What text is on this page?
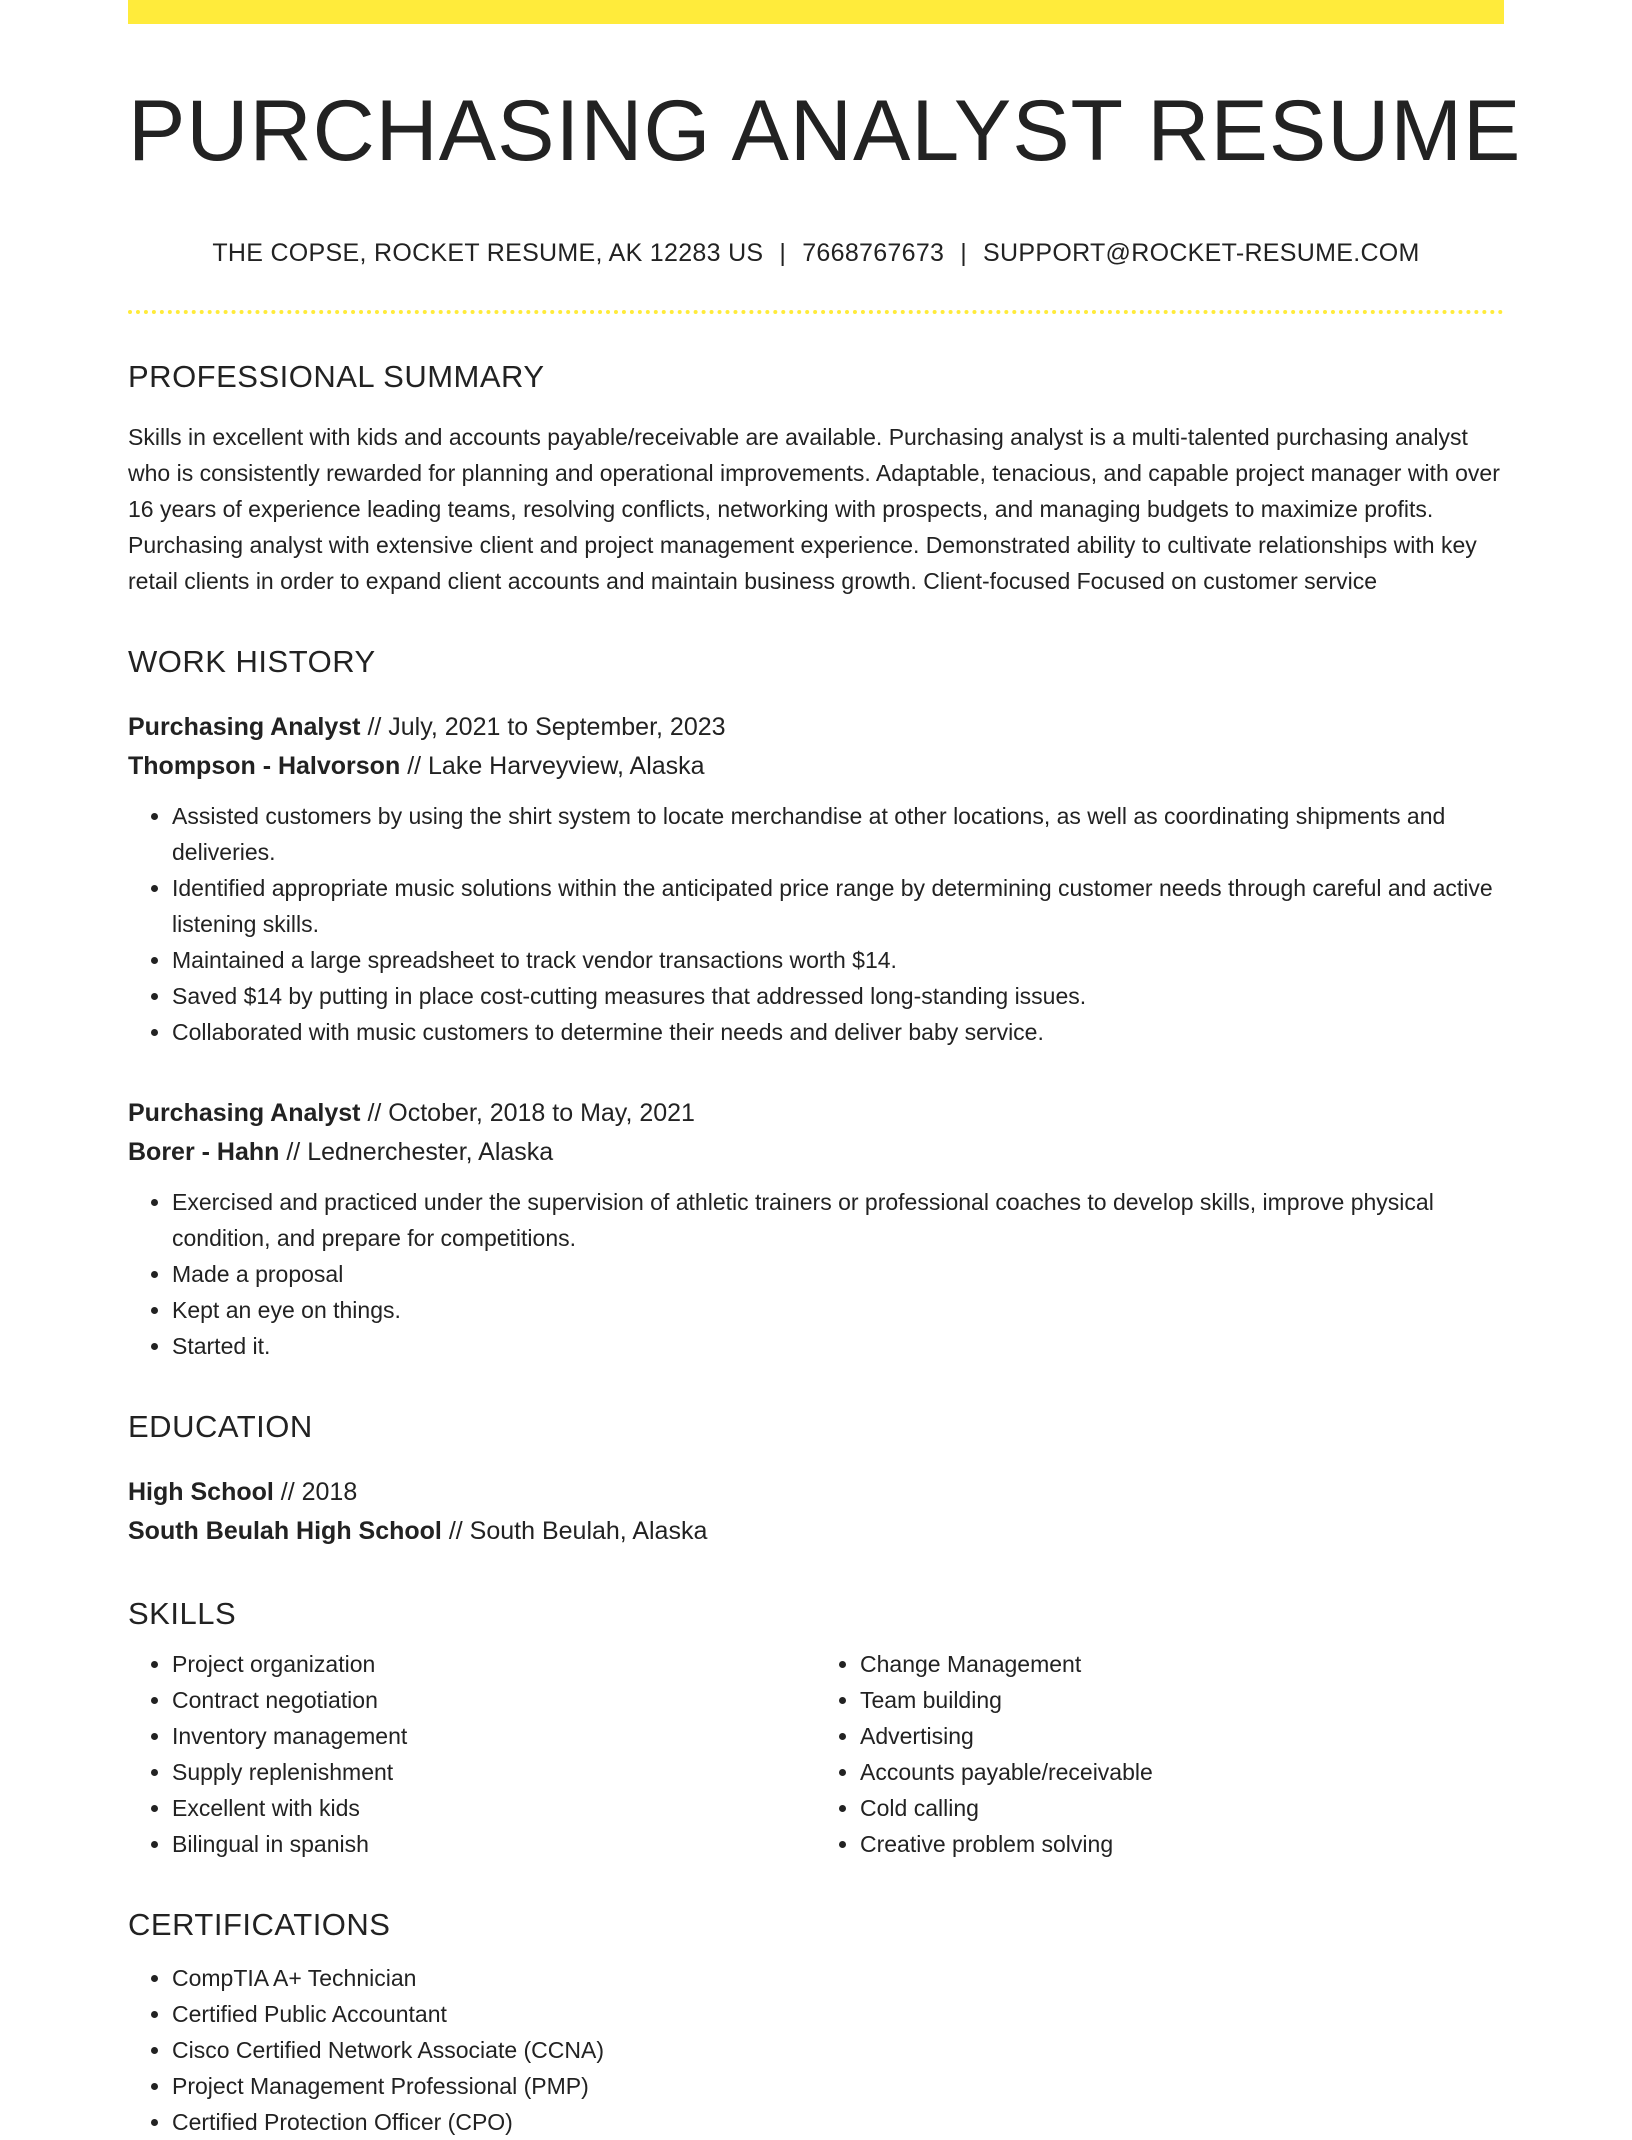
PURCHASING ANALYST RESUME
THE COPSE, ROCKET RESUME, AK 12283 US | 7668767673 | SUPPORT@ROCKET-RESUME.COM
PROFESSIONAL SUMMARY
Skills in excellent with kids and accounts payable/receivable are available. Purchasing analyst is a multi-talented purchasing analyst who is consistently rewarded for planning and operational improvements. Adaptable, tenacious, and capable project manager with over 16 years of experience leading teams, resolving conflicts, networking with prospects, and managing budgets to maximize profits. Purchasing analyst with extensive client and project management experience. Demonstrated ability to cultivate relationships with key retail clients in order to expand client accounts and maintain business growth. Client-focused Focused on customer service
WORK HISTORY
Purchasing Analyst // July, 2021 to September, 2023
Thompson - Halvorson // Lake Harveyview, Alaska
• Assisted customers by using the shirt system to locate merchandise at other locations, as well as coordinating shipments and deliveries.
• Identified appropriate music solutions within the anticipated price range by determining customer needs through careful and active listening skills.
• Maintained a large spreadsheet to track vendor transactions worth $14.
• Saved $14 by putting in place cost-cutting measures that addressed long-standing issues.
• Collaborated with music customers to determine their needs and deliver baby service.
Purchasing Analyst // October, 2018 to May, 2021
Borer - Hahn // Lednerchester, Alaska
• Exercised and practiced under the supervision of athletic trainers or professional coaches to develop skills, improve physical condition, and prepare for competitions.
• Made a proposal
• Kept an eye on things.
• Started it.
EDUCATION
High School // 2018
South Beulah High School // South Beulah, Alaska
SKILLS
• Project organization
• Contract negotiation
• Inventory management
• Supply replenishment
• Excellent with kids
• Bilingual in spanish
• Change Management
• Team building
• Advertising
• Accounts payable/receivable
• Cold calling
• Creative problem solving
CERTIFICATIONS
• CompTIA A+ Technician
• Certified Public Accountant
• Cisco Certified Network Associate (CCNA)
• Project Management Professional (PMP)
• Certified Protection Officer (CPO)
